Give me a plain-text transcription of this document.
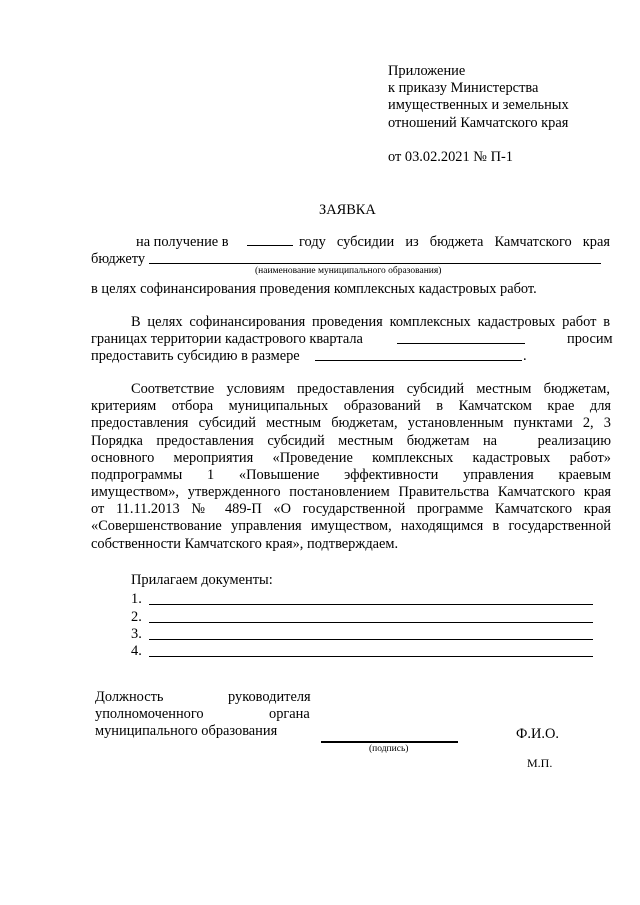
Приложение
к приказу Министерства
имущественных и земельных
отношений Камчатского края
от 03.02.2021 № П-1
ЗАЯВКА
на получение в	году субсидии из бюджета Камчатского края
бюджету
(наименование муниципального образования)
в целях софинансирования проведения комплексных кадастровых работ.
В целях софинансирования проведения комплексных кадастровых работ в
границах территории кадастрового квартала	просим
предоставить субсидию в размере	.
Соответствие условиям предоставления субсидий местным бюджетам,
критериям отбора муниципальных образований в Камчатском крае для
предоставления субсидий местным бюджетам, установленным пунктами 2, 3
Порядка предоставления субсидий местным бюджетам на   реализацию
основного мероприятия «Проведение комплексных кадастровых работ»
подпрограммы 1 «Повышение эффективности управления краевым
имуществом», утвержденного постановлением Правительства Камчатского края
от 11.11.2013 № 489-П «О государственной программе Камчатского края
«Совершенствование управления имуществом, находящимся в государственной
собственности Камчатского края», подтверждаем.
Прилагаем документы:
1.
2.
3.
4.
Должность	руководителя
уполномоченного	органа
муниципального образования
(подпись)
Ф.И.О.
М.П.
